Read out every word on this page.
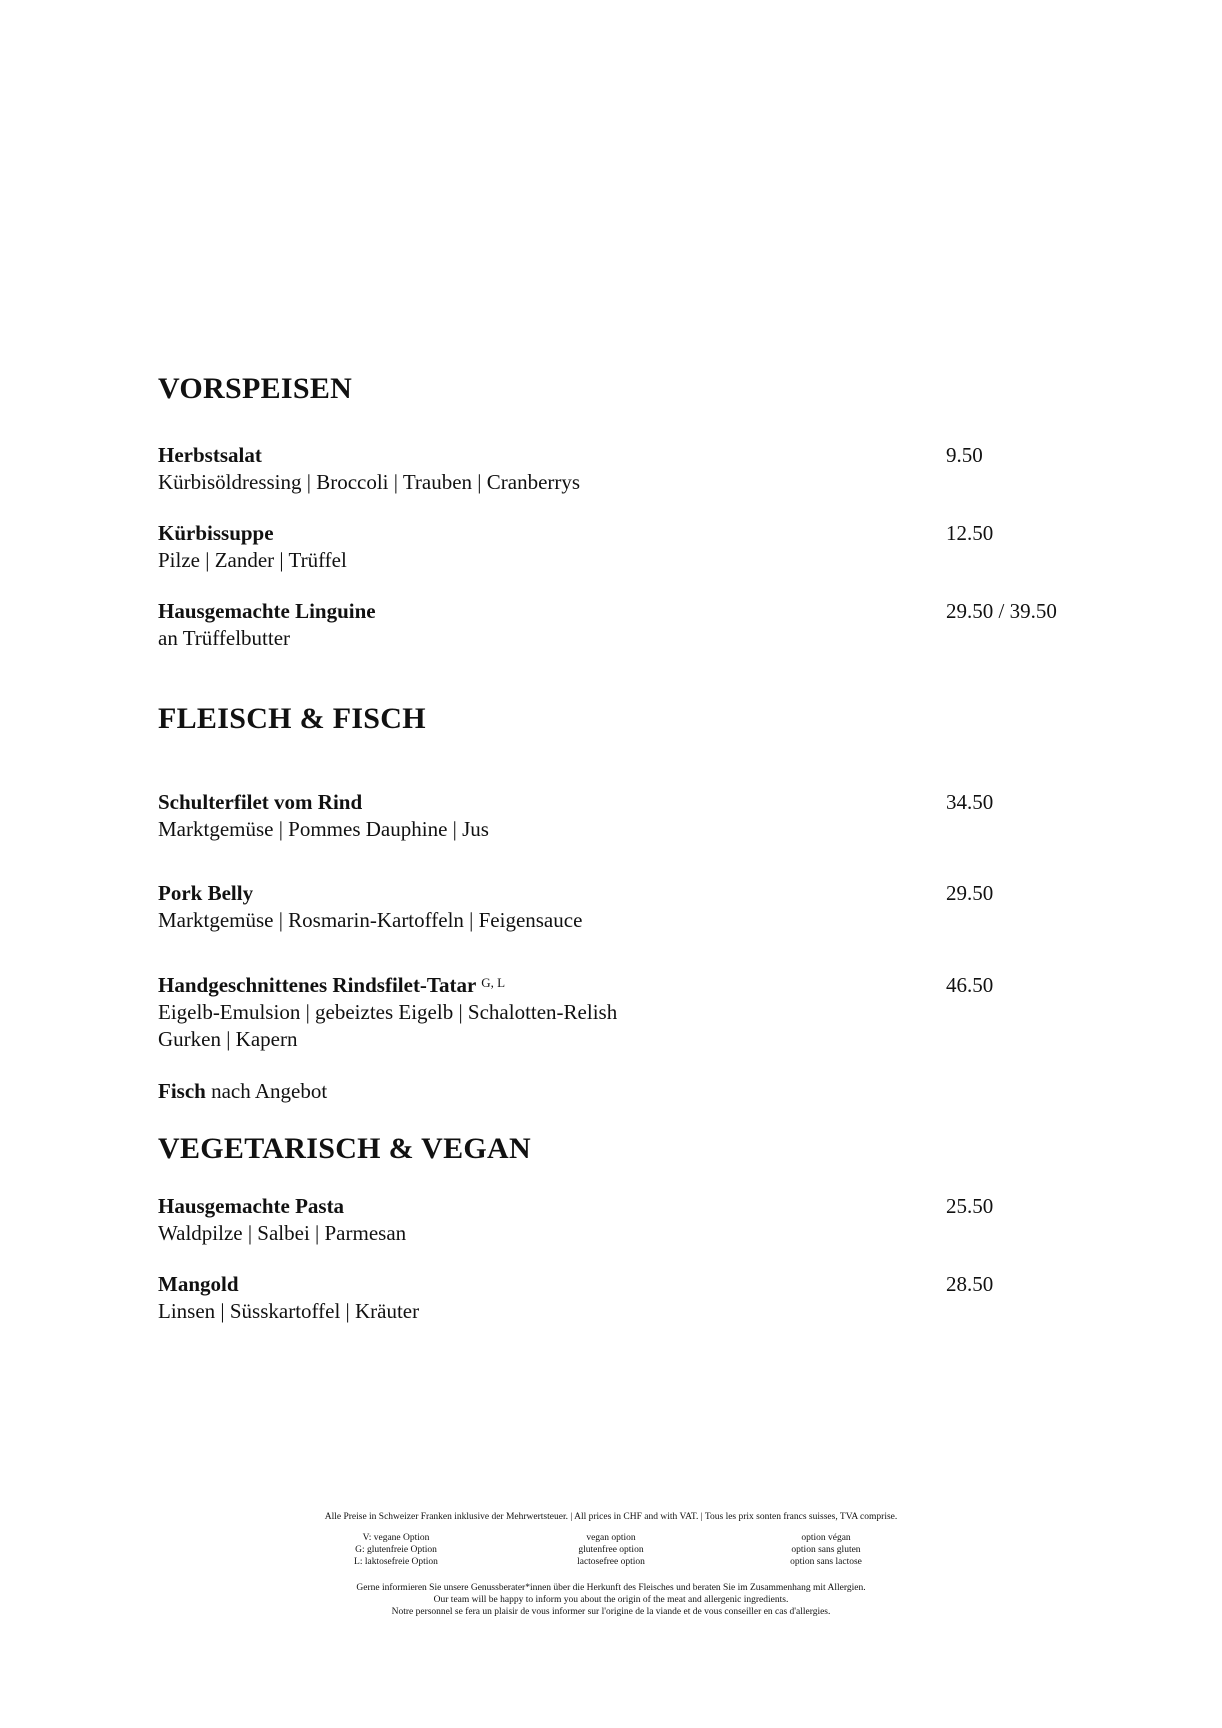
VORSPEISEN
Herbstsalat
Kürbisöldressing | Broccoli | Trauben | Cranberrys
9.50
Kürbissuppe
Pilze | Zander | Trüffel
12.50
Hausgemachte Linguine
an Trüffelbutter
29.50 / 39.50
FLEISCH & FISCH
Schulterfilet vom Rind
Marktgemüse | Pommes Dauphine | Jus
34.50
Pork Belly
Marktgemüse | Rosmarin-Kartoffeln | Feigensauce
29.50
Handgeschnittenes Rindsfilet-Tatar $^{G, L}$
Eigelb-Emulsion | gebeiztes Eigelb | Schalotten-Relish
Gurken | Kapern
46.50
Fisch nach Angebot
VEGETARISCH & VEGAN
Hausgemachte Pasta
Waldpilze | Salbei | Parmesan
25.50
Mangold
Linsen | Süsskartoffel | Kräuter
28.50
Alle Preise in Schweizer Franken inklusive der Mehrwertsteuer. | All prices in CHF and with VAT. | Tous les prix sonten francs suisses, TVA comprise.
V: vegane Option
G: glutenfreie Option
L: laktosefreie Option
vegan option
glutenfree option
lactosefree option
option végan
option sans gluten
option sans lactose
Gerne informieren Sie unsere Genussberater*innen über die Herkunft des Fleisches und beraten Sie im Zusammenhang mit Allergien.
Our team will be happy to inform you about the origin of the meat and allergenic ingredients.
Notre personnel se fera un plaisir de vous informer sur l'origine de la viande et de vous conseiller en cas d'allergies.
